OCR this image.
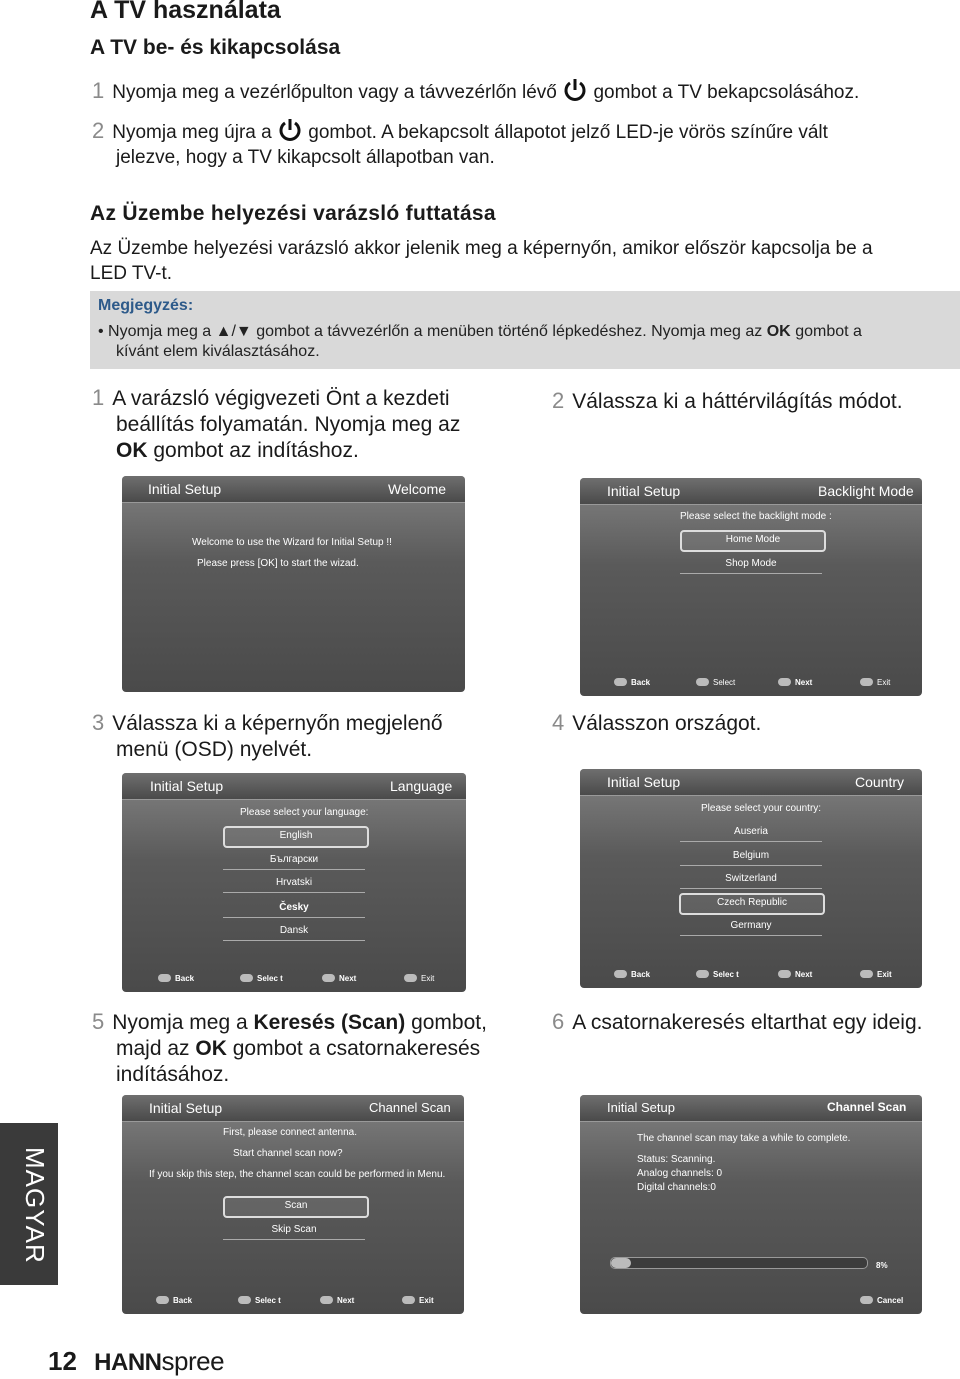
A TV használata
A TV be- és kikapcsolása
1 Nyomja meg a vezérlőpulton vagy a távvezérlőn lévő gombot a TV bekapcsolásához.
2 Nyomja meg újra a gombot. A bekapcsolt állapotot jelző LED-je vörös színűre vált
jelezve, hogy a TV kikapcsolt állapotban van.
Az Üzembe helyezési varázsló futtatása
Az Üzembe helyezési varázsló akkor jelenik meg a képernyőn, amikor először kapcsolja be a
LED TV-t.
Megjegyzés:
• Nyomja meg a ▲/▼ gombot a távvezérlőn a menüben történő lépkedéshez. Nyomja meg az OK gombot a
kívánt elem kiválasztásához.
1 A varázsló végigvezeti Önt a kezdeti
beállítás folyamatán. Nyomja meg az
OK gombot az indításhoz.
2 Válassza ki a háttérvilágítás módot.
Initial Setup	Welcome
Welcome to use the Wizard for Initial Setup !!
Please press [OK] to start the wizad.
Initial Setup	Backlight Mode
Please select the backlight mode :
Home Mode
Shop Mode
Back	Select	Next	Exit
3 Válassza ki a képernyőn megjelenő
menü (OSD) nyelvét.
4 Válasszon országot.
Initial Setup	Language
Please select your language:
English
Български
Hrvatski
Česky
Dansk
Back	Selec t	Next	Exit
Initial Setup	Country
Please select your country:
Auseria
Belgium
Switzerland
Czech Republic
Germany
Back	Selec t	Next	Exit
5 Nyomja meg a Keresés (Scan) gombot,
majd az OK gombot a csatornakeresés
indításához.
6 A csatornakeresés eltarthat egy ideig.
Initial Setup	Channel Scan
First, please connect antenna.
Start channel scan now?
If you skip this step, the channel scan could be performed in Menu.
Scan
Skip Scan
Back	Selec t	Next	Exit
Initial Setup	Channel Scan
The channel scan may take a while to complete.
Status: Scanning.
Analog channels: 0
Digital channels:0
8%
Cancel
MAGYAR
12 HANNspree
